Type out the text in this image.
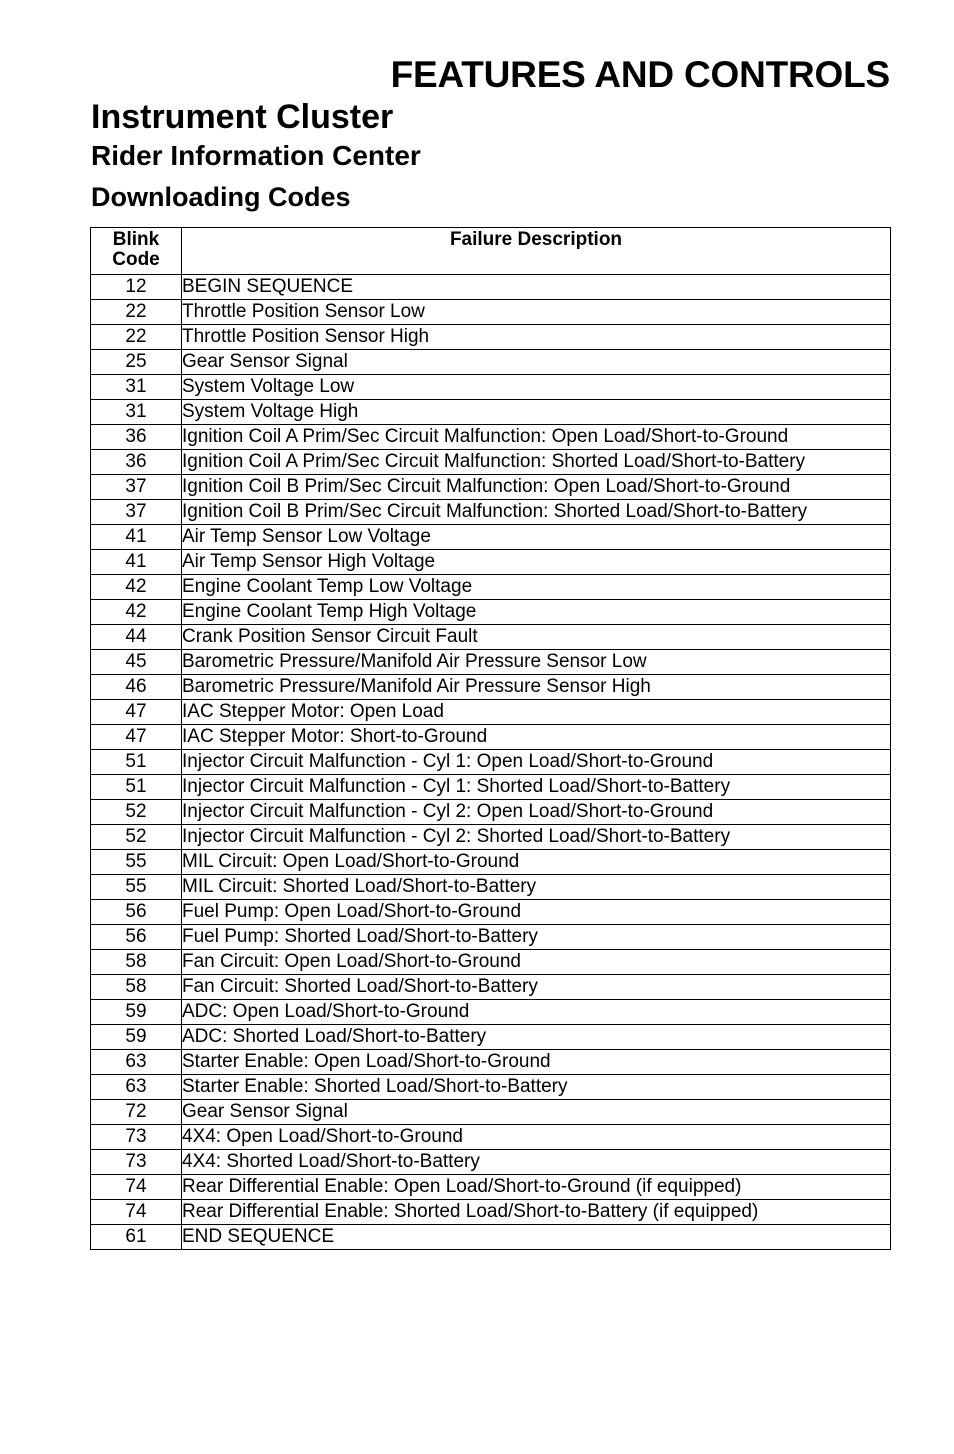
FEATURES AND CONTROLS
Instrument Cluster
Rider Information Center
Downloading Codes
Blink
Code	Failure Description
12	BEGIN SEQUENCE
22	Throttle Position Sensor Low
22	Throttle Position Sensor High
25	Gear Sensor Signal
31	System Voltage Low
31	System Voltage High
36	Ignition Coil A Prim/Sec Circuit Malfunction: Open Load/Short-to-Ground
36	Ignition Coil A Prim/Sec Circuit Malfunction: Shorted Load/Short-to-Battery
37	Ignition Coil B Prim/Sec Circuit Malfunction: Open Load/Short-to-Ground
37	Ignition Coil B Prim/Sec Circuit Malfunction: Shorted Load/Short-to-Battery
41	Air Temp Sensor Low Voltage
41	Air Temp Sensor High Voltage
42	Engine Coolant Temp Low Voltage
42	Engine Coolant Temp High Voltage
44	Crank Position Sensor Circuit Fault
45	Barometric Pressure/Manifold Air Pressure Sensor Low
46	Barometric Pressure/Manifold Air Pressure Sensor High
47	IAC Stepper Motor: Open Load
47	IAC Stepper Motor: Short-to-Ground
51	Injector Circuit Malfunction - Cyl 1: Open Load/Short-to-Ground
51	Injector Circuit Malfunction - Cyl 1: Shorted Load/Short-to-Battery
52	Injector Circuit Malfunction - Cyl 2: Open Load/Short-to-Ground
52	Injector Circuit Malfunction - Cyl 2: Shorted Load/Short-to-Battery
55	MIL Circuit: Open Load/Short-to-Ground
55	MIL Circuit: Shorted Load/Short-to-Battery
56	Fuel Pump: Open Load/Short-to-Ground
56	Fuel Pump: Shorted Load/Short-to-Battery
58	Fan Circuit: Open Load/Short-to-Ground
58	Fan Circuit: Shorted Load/Short-to-Battery
59	ADC: Open Load/Short-to-Ground
59	ADC: Shorted Load/Short-to-Battery
63	Starter Enable: Open Load/Short-to-Ground
63	Starter Enable: Shorted Load/Short-to-Battery
72	Gear Sensor Signal
73	4X4: Open Load/Short-to-Ground
73	4X4: Shorted Load/Short-to-Battery
74	Rear Differential Enable: Open Load/Short-to-Ground (if equipped)
74	Rear Differential Enable: Shorted Load/Short-to-Battery (if equipped)
61	END SEQUENCE
